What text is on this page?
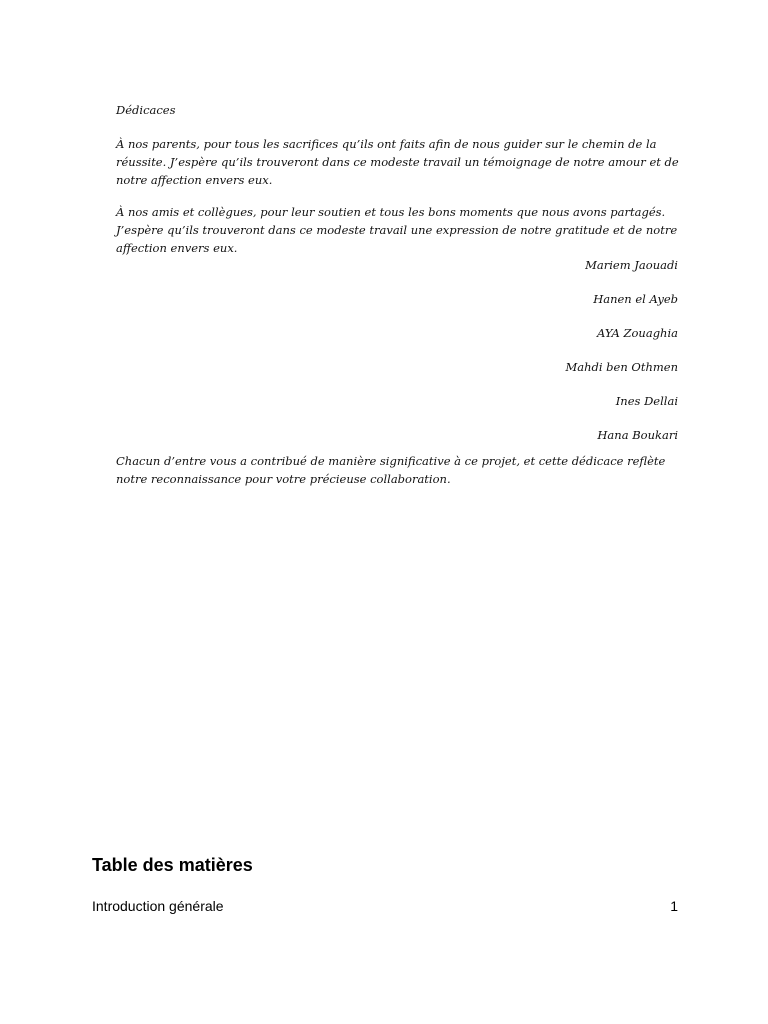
Dédicaces

À nos parents, pour tous les sacrifices qu’ils ont faits afin de nous guider sur le chemin de la réussite. J’espère qu’ils trouveront dans ce modeste travail un témoignage de notre amour et de notre affection envers eux.

À nos amis et collègues, pour leur soutien et tous les bons moments que nous avons partagés. J’espère qu’ils trouveront dans ce modeste travail une expression de notre gratitude et de notre affection envers eux.

Mariem Jaouadi
Hanen el Ayeb
AYA Zouaghia
Mahdi ben Othmen
Ines Dellai
Hana Boukari

Chacun d’entre vous a contribué de manière significative à ce projet, et cette dédicace reflète notre reconnaissance pour votre précieuse collaboration.

Table des matières
Introduction générale	1
